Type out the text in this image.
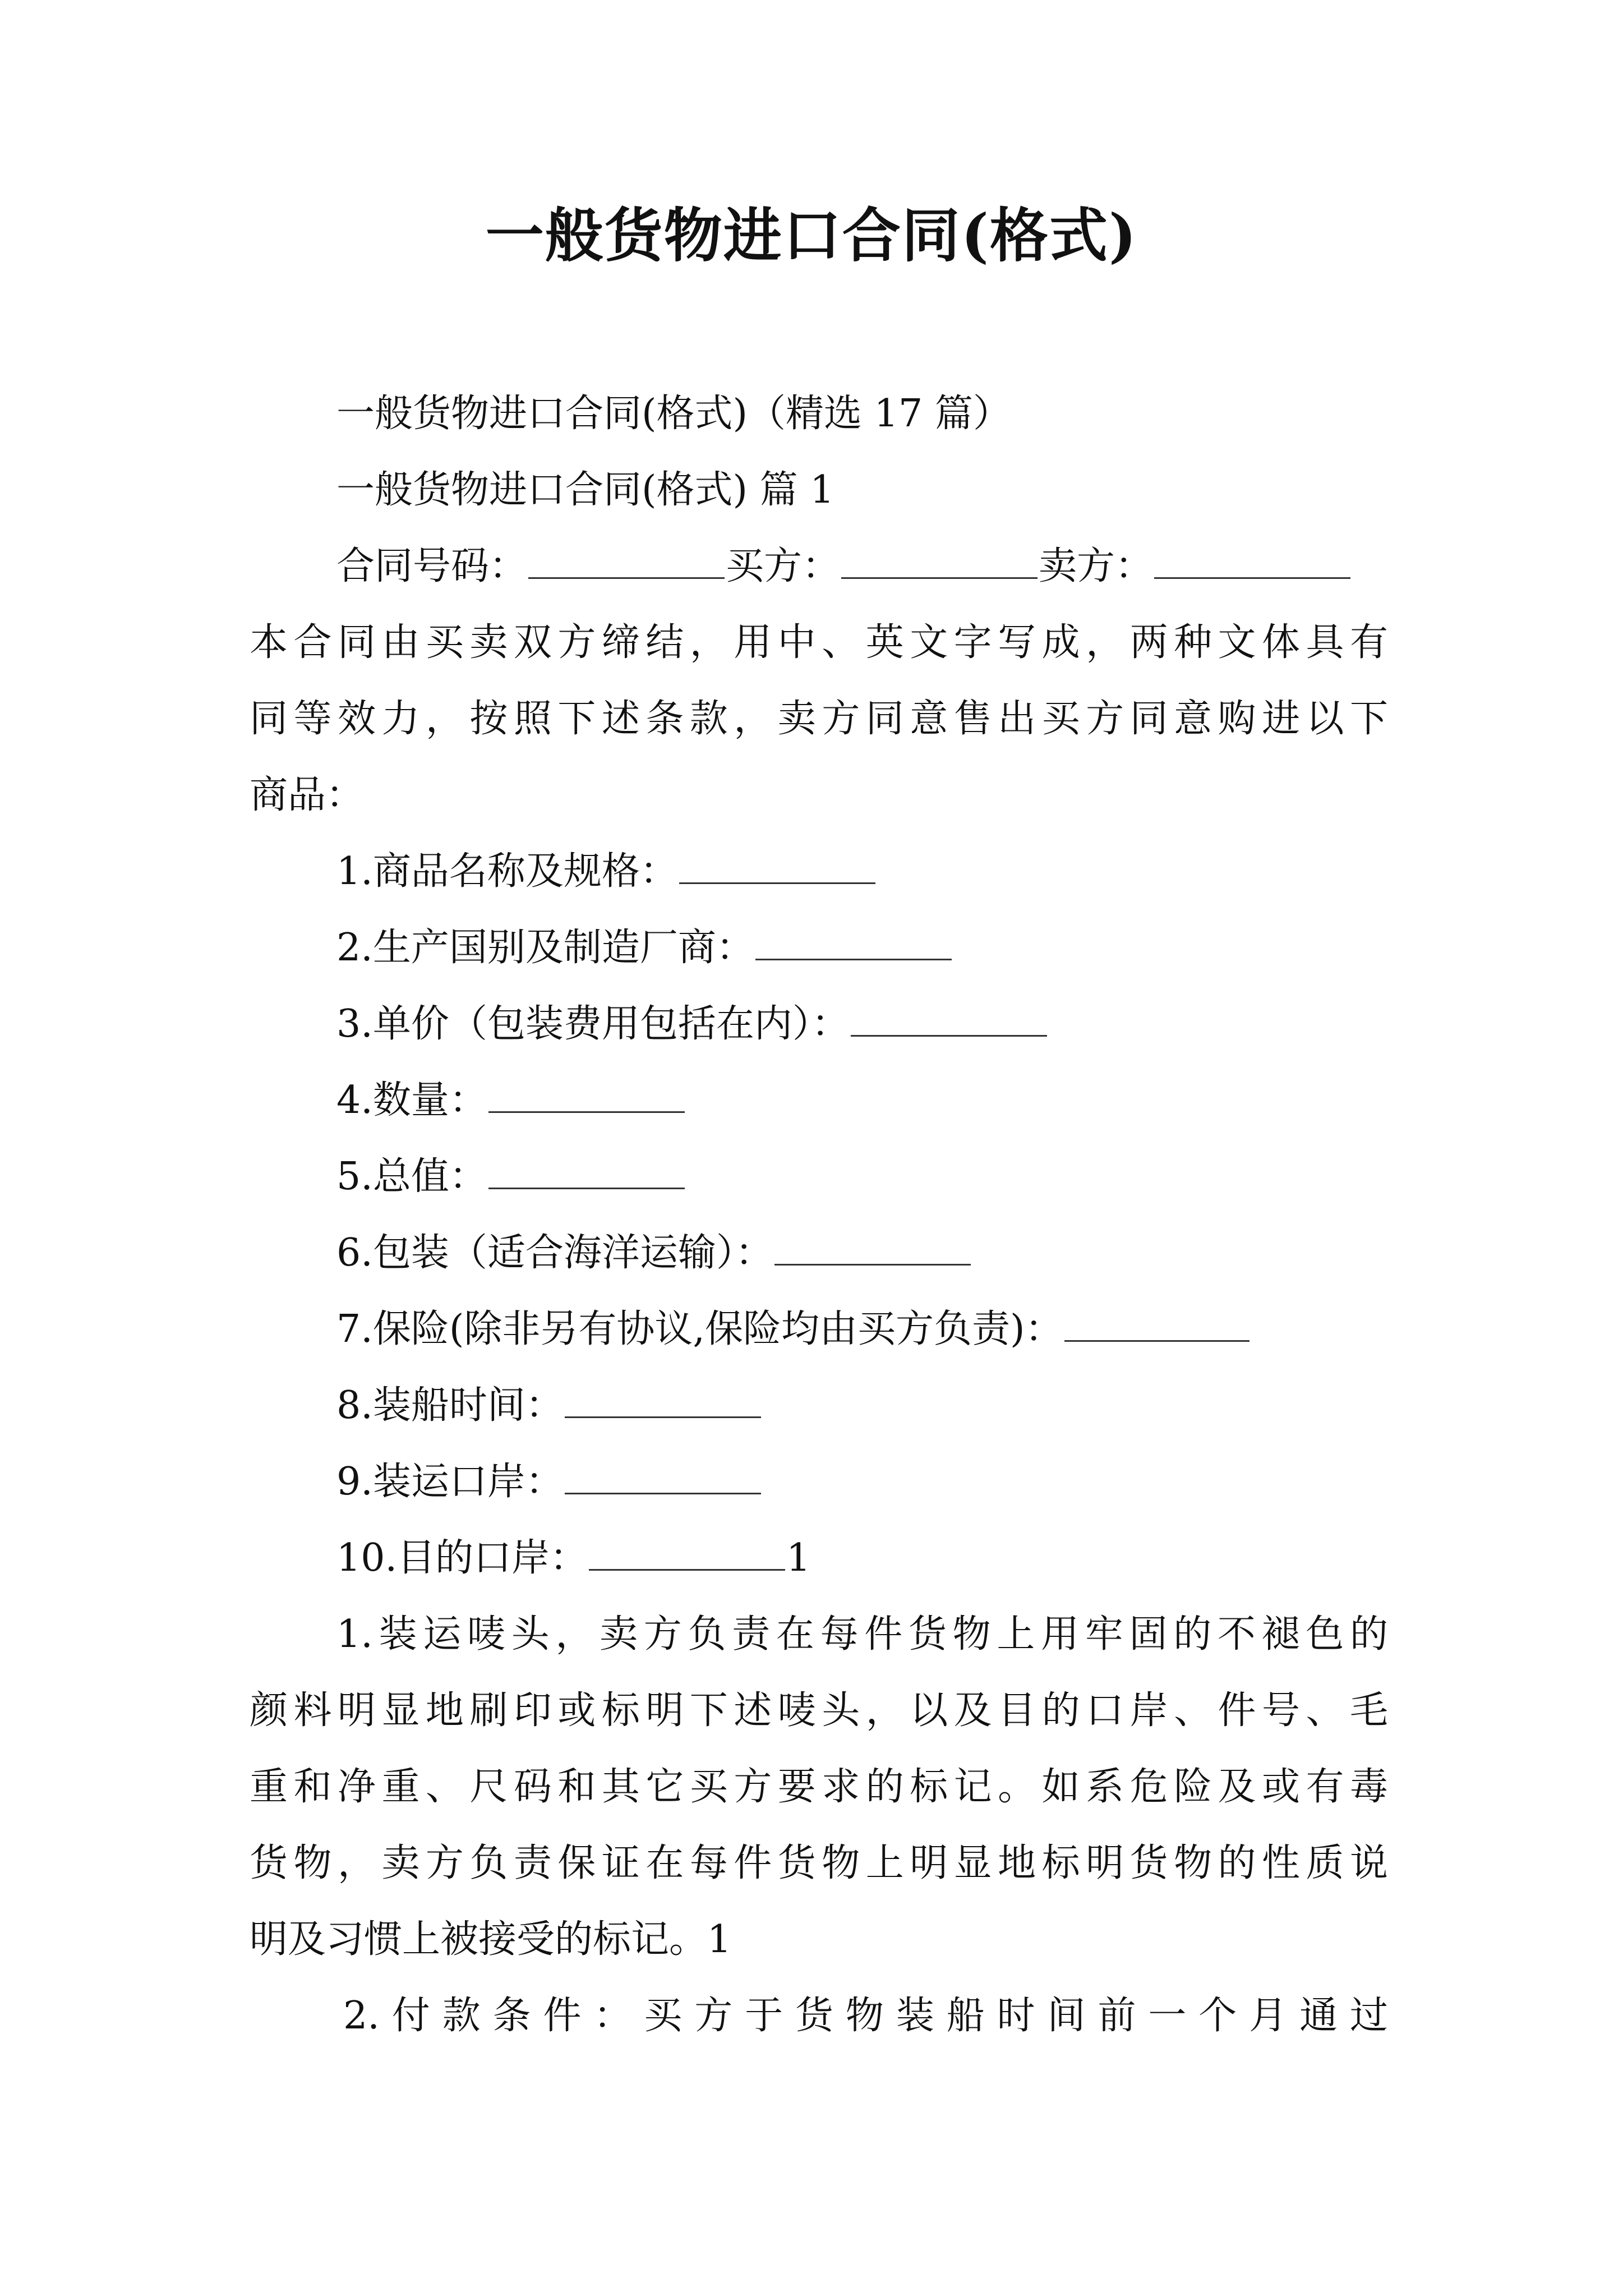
一般货物进口合同(格式)
一般货物进口合同(格式)（精选 17 篇）
一般货物进口合同(格式) 篇 1
合同号码：	买方：	卖方：
本合同由买卖双方缔结，用中、英文字写成，两种文体具有
同等效力，按照下述条款，卖方同意售出买方同意购进以下
商品：
1.商品名称及规格：
2.生产国别及制造厂商：
3.单价（包装费用包括在内）：
4.数量：
5.总值：
6.包装（适合海洋运输）：
7.保险(除非另有协议,保险均由买方负责)：
8.装船时间：
9.装运口岸：
10.目的口岸：	1
1.装运唛头，卖方负责在每件货物上用牢固的不褪色的
颜料明显地刷印或标明下述唛头，以及目的口岸、件号、毛
重和净重、尺码和其它买方要求的标记。如系危险及或有毒
货物，卖方负责保证在每件货物上明显地标明货物的性质说
明及习惯上被接受的标记。1
2.付款条件：买方于货物装船时间前一个月通过
